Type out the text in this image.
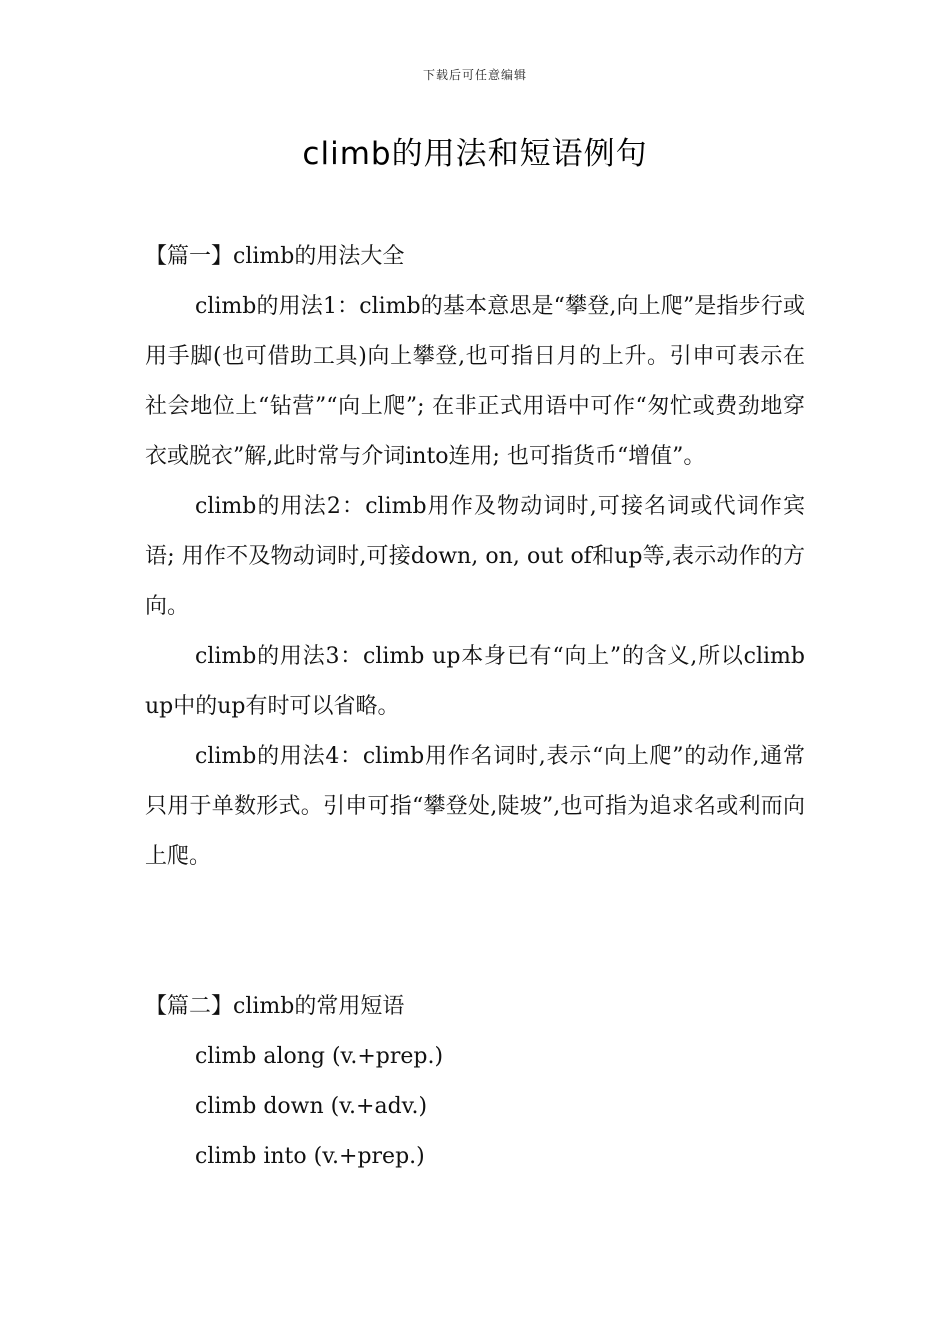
下载后可任意编辑
climb的用法和短语例句

【篇一】climb的用法大全

climb的用法1：climb的基本意思是“攀登,向上爬”是指步行或用手脚(也可借助工具)向上攀登,也可指日月的上升。引申可表示在社会地位上“钻营”“向上爬”; 在非正式用语中可作“匆忙或费劲地穿衣或脱衣”解,此时常与介词into连用; 也可指货币“增值”。

climb的用法2：climb用作及物动词时,可接名词或代词作宾语; 用作不及物动词时,可接down, on, out of和up等,表示动作的方向。

climb的用法3：climb up本身已有“向上”的含义,所以climb up中的up有时可以省略。

climb的用法4：climb用作名词时,表示“向上爬”的动作,通常只用于单数形式。引申可指“攀登处,陡坡”,也可指为追求名或利而向上爬。

【篇二】climb的常用短语

climb along (v.+prep.)

climb down (v.+adv.)

climb into (v.+prep.)
